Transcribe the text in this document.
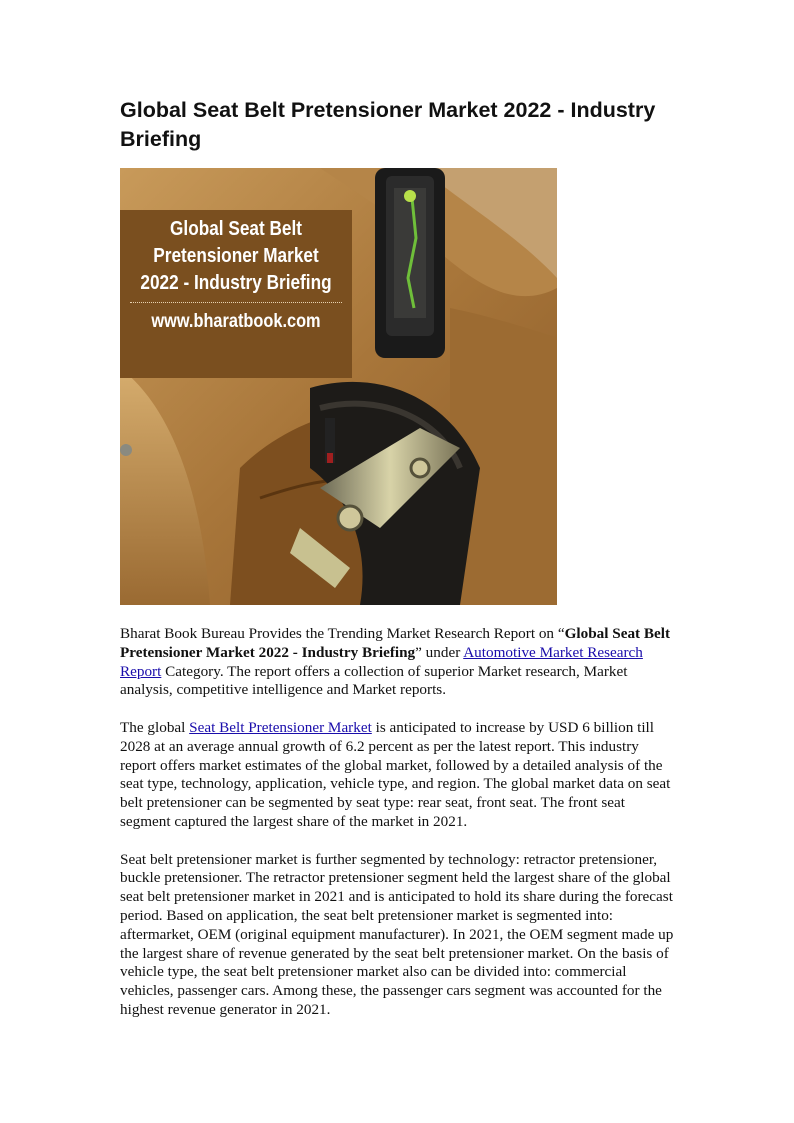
Global Seat Belt Pretensioner Market 2022 - Industry Briefing
Global Seat Belt
Pretensioner Market
2022 - Industry Briefing
www.bharatbook.com

Bharat Book Bureau Provides the Trending Market Research Report on “Global Seat Belt Pretensioner Market 2022 - Industry Briefing” under Automotive Market Research Report Category. The report offers a collection of superior Market research, Market analysis, competitive intelligence and Market reports.

The global Seat Belt Pretensioner Market is anticipated to increase by USD 6 billion till 2028 at an average annual growth of 6.2 percent as per the latest report. This industry report offers market estimates of the global market, followed by a detailed analysis of the seat type, technology, application, vehicle type, and region. The global market data on seat belt pretensioner can be segmented by seat type: rear seat, front seat. The front seat segment captured the largest share of the market in 2021.

Seat belt pretensioner market is further segmented by technology: retractor pretensioner, buckle pretensioner. The retractor pretensioner segment held the largest share of the global seat belt pretensioner market in 2021 and is anticipated to hold its share during the forecast period. Based on application, the seat belt pretensioner market is segmented into: aftermarket, OEM (original equipment manufacturer). In 2021, the OEM segment made up the largest share of revenue generated by the seat belt pretensioner market. On the basis of vehicle type, the seat belt pretensioner market also can be divided into: commercial vehicles, passenger cars. Among these, the passenger cars segment was accounted for the highest revenue generator in 2021.
